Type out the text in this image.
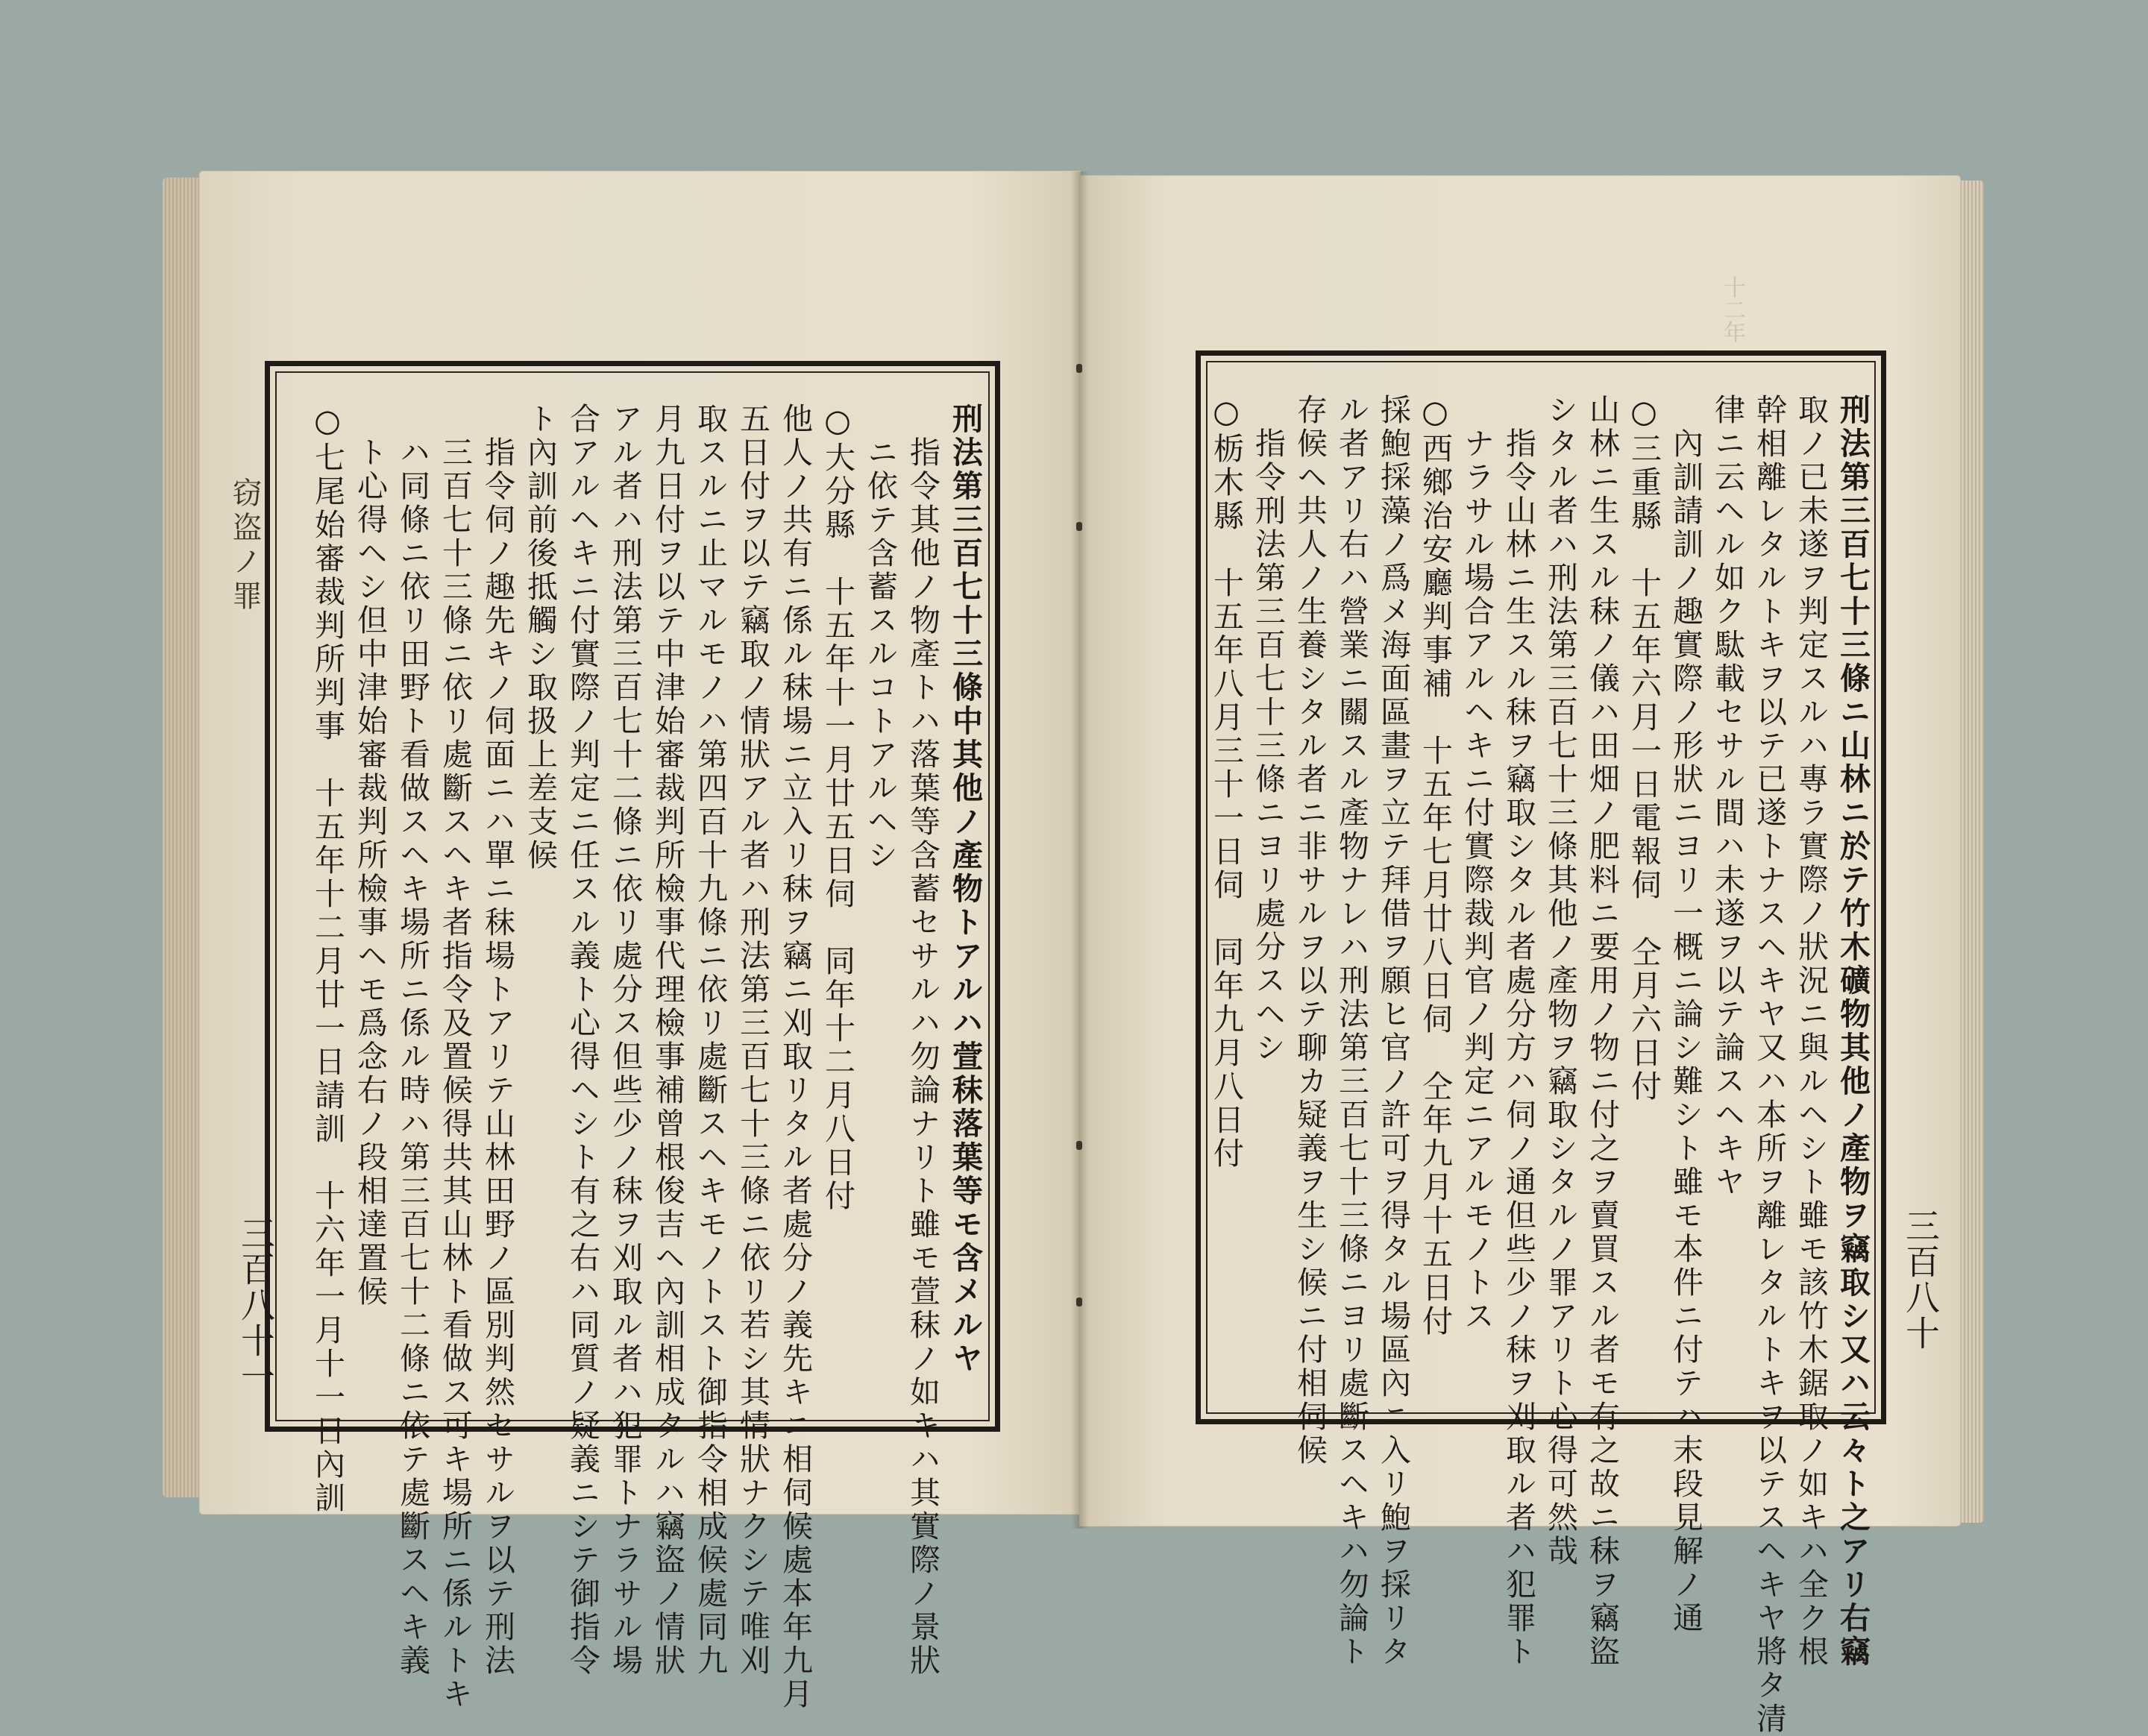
窃盗ノ罪	刑法第三百七十三條中其他ノ產物トアルハ萱秣落葉等モ含メルヤ
　指令其他ノ物產トハ落葉等含蓄セサルハ勿論ナリト雖モ萱秣ノ如キハ其實際ノ景狀
　ニ依テ含蓄スルコトアルヘシ
○大分縣　十五年十一月廿五日伺　同年十二月八日付
他人ノ共有ニ係ル秣場ニ立入リ秣ヲ竊ニ刈取リタル者處分ノ義先キニ相伺候處本年九月
五日付ヲ以テ竊取ノ情狀アル者ハ刑法第三百七十三條ニ依リ若シ其情狀ナクシテ唯刈
取スルニ止マルモノハ第四百十九條ニ依リ處斷スヘキモノトスト御指令相成候處同九
月九日付ヲ以テ中津始審裁判所檢事代理檢事補曾根俊吉ヘ內訓相成タルハ竊盜ノ情狀
アル者ハ刑法第三百七十二條ニ依リ處分ス但些少ノ秣ヲ刈取ル者ハ犯罪トナラサル場
合アルヘキニ付實際ノ判定ニ任スル義ト心得ヘシト有之右ハ同質ノ疑義ニシテ御指令
ト內訓前後抵觸シ取扱上差支候
　指令伺ノ趣先キノ伺面ニハ單ニ秣場トアリテ山林田野ノ區別判然セサルヲ以テ刑法
　三百七十三條ニ依リ處斷スヘキ者指令及置候得共其山林ト看做ス可キ場所ニ係ルトキ
　ハ同條ニ依リ田野ト看做スヘキ場所ニ係ル時ハ第三百七十二條ニ依テ處斷スヘキ義
　ト心得ヘシ但中津始審裁判所檢事ヘモ爲念右ノ段相達置候
○七尾始審裁判所判事　十五年十二月廿一日請訓　十六年一月十一日內訓
三百八十一
十二年
刑法第三百七十三條ニ山林ニ於テ竹木礦物其他ノ產物ヲ竊取シ又ハ云々ト之アリ右竊
取ノ已未遂ヲ判定スルハ專ラ實際ノ狀況ニ與ルヘシト雖モ該竹木鋸取ノ如キハ全ク根
幹相離レタルトキヲ以テ已遂トナスヘキヤ又ハ本所ヲ離レタルトキヲ以テスヘキヤ將タ清
律ニ云ヘル如ク駄載セサル間ハ未遂ヲ以テ論スヘキヤ
　內訓請訓ノ趣實際ノ形狀ニヨリ一概ニ論シ難シト雖モ本件ニ付テハ末段見解ノ通
○三重縣　十五年六月一日電報伺　仝月六日付
山林ニ生スル秣ノ儀ハ田畑ノ肥料ニ要用ノ物ニ付之ヲ賣買スル者モ有之故ニ秣ヲ竊盜
シタル者ハ刑法第三百七十三條其他ノ產物ヲ竊取シタルノ罪アリト心得可然哉
　指令山林ニ生スル秣ヲ竊取シタル者處分方ハ伺ノ通但些少ノ秣ヲ刈取ル者ハ犯罪ト
　ナラサル場合アルヘキニ付實際裁判官ノ判定ニアルモノトス
○西鄉治安廳判事補　十五年七月廿八日伺　仝年九月十五日付
採鮑採藻ノ爲メ海面區畫ヲ立テ拜借ヲ願ヒ官ノ許可ヲ得タル場區內ニ入リ鮑ヲ採リタ
ル者アリ右ハ營業ニ關スル產物ナレハ刑法第三百七十三條ニヨリ處斷スヘキハ勿論ト
存候ヘ共人ノ生養シタル者ニ非サルヲ以テ聊カ疑義ヲ生シ候ニ付相伺候
　指令刑法第三百七十三條ニヨリ處分スヘシ
○栃木縣　十五年八月三十一日伺　同年九月八日付
三百八十
